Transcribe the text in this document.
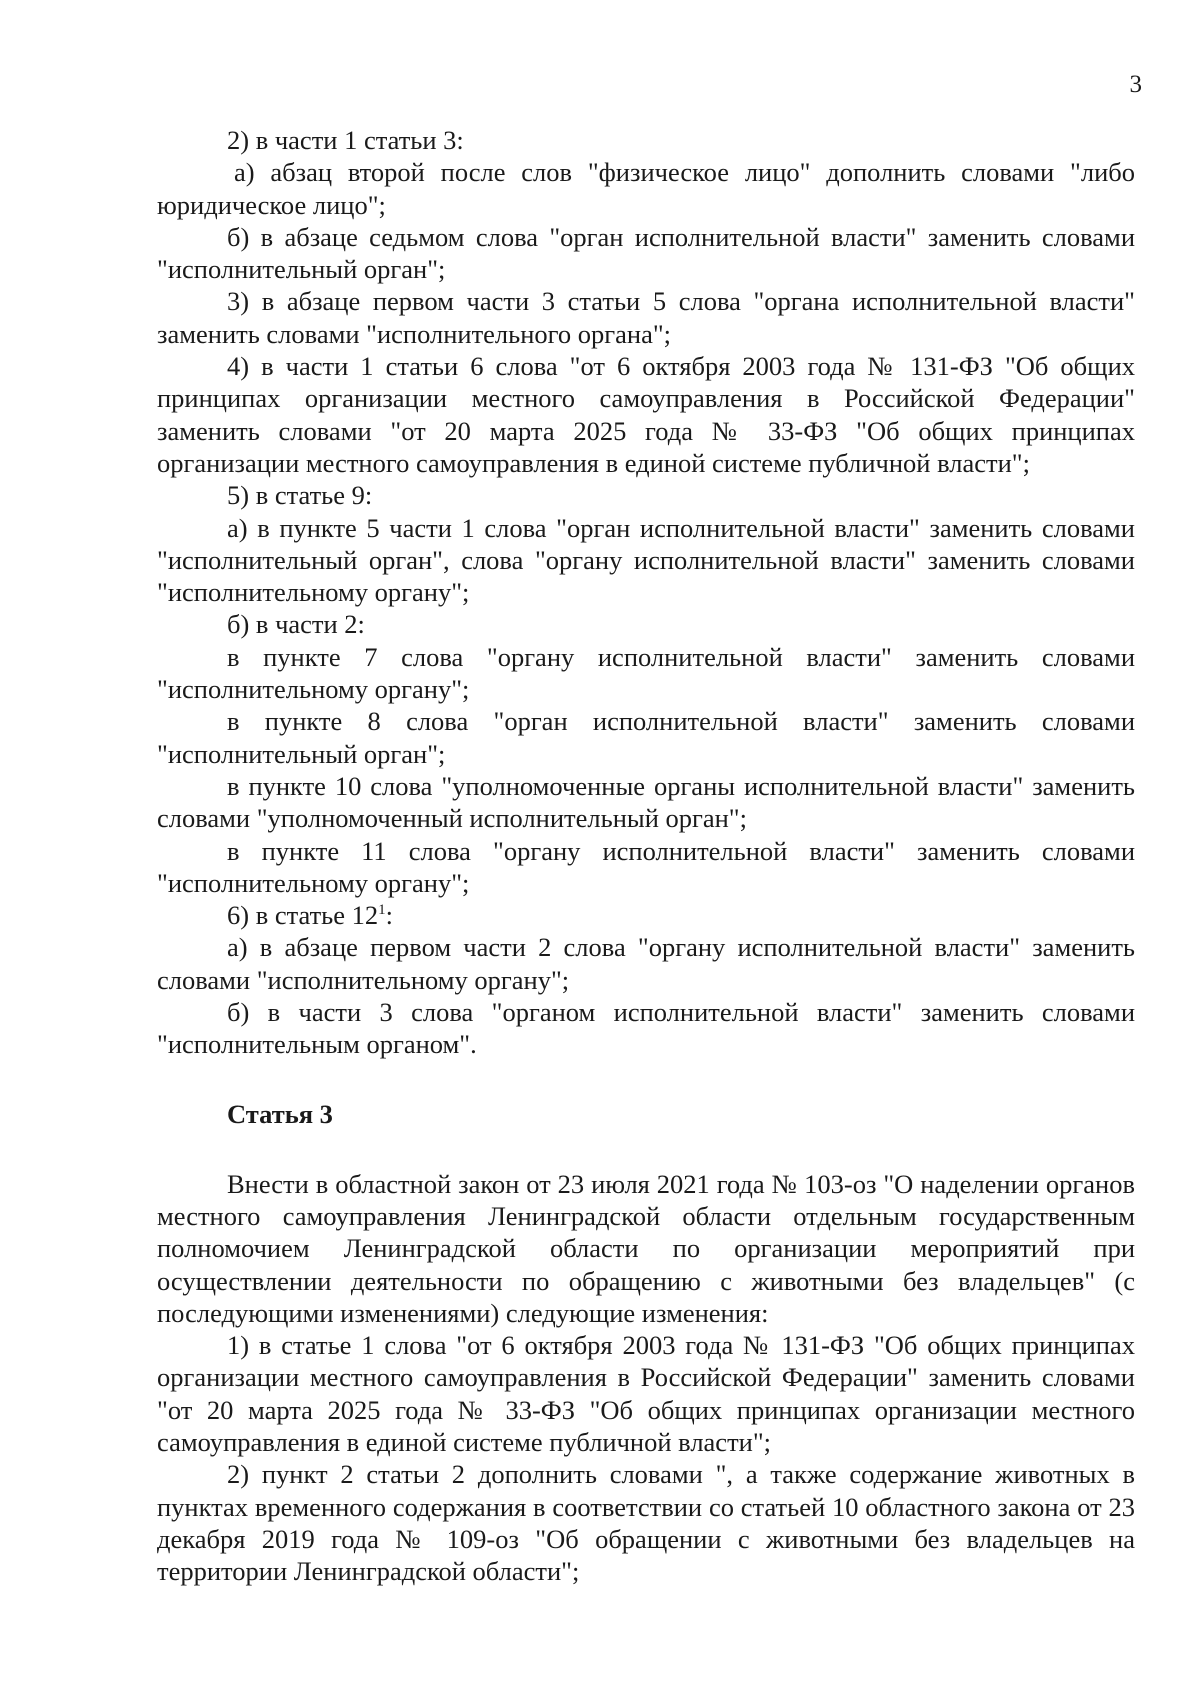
3

2) в части 1 статьи 3:

а) абзац второй после слов "физическое лицо" дополнить словами "либо юридическое лицо";

б) в абзаце седьмом слова "орган исполнительной власти" заменить словами "исполнительный орган";

3) в абзаце первом части 3 статьи 5 слова "органа исполнительной власти" заменить словами "исполнительного органа";

4) в части 1 статьи 6 слова "от 6 октября 2003 года № 131-ФЗ "Об общих принципах организации местного самоуправления в Российской Федерации" заменить словами "от 20 марта 2025 года № 33-ФЗ "Об общих принципах организации местного самоуправления в единой системе публичной власти";

5) в статье 9:

а) в пункте 5 части 1 слова "орган исполнительной власти" заменить словами "исполнительный орган", слова "органу исполнительной власти" заменить словами "исполнительному органу";

б) в части 2:

в пункте 7 слова "органу исполнительной власти" заменить словами "исполнительному органу";

в пункте 8 слова "орган исполнительной власти" заменить словами "исполнительный орган";

в пункте 10 слова "уполномоченные органы исполнительной власти" заменить словами "уполномоченный исполнительный орган";

в пункте 11 слова "органу исполнительной власти" заменить словами "исполнительному органу";

6) в статье $12^1$:

а) в абзаце первом части 2 слова "органу исполнительной власти" заменить словами "исполнительному органу";

б) в части 3 слова "органом исполнительной власти" заменить словами "исполнительным органом".

Статья 3

Внести в областной закон от 23 июля 2021 года № 103-оз "О наделении органов местного самоуправления Ленинградской области отдельным государственным полномочием Ленинградской области по организации мероприятий при осуществлении деятельности по обращению с животными без владельцев" (с последующими изменениями) следующие изменения:

1) в статье 1 слова "от 6 октября 2003 года № 131-ФЗ "Об общих принципах организации местного самоуправления в Российской Федерации" заменить словами "от 20 марта 2025 года № 33-ФЗ "Об общих принципах организации местного самоуправления в единой системе публичной власти";

2) пункт 2 статьи 2 дополнить словами ", а также содержание животных в пунктах временного содержания в соответствии со статьей 10 областного закона от 23 декабря 2019 года № 109-оз "Об обращении с животными без владельцев на территории Ленинградской области";
